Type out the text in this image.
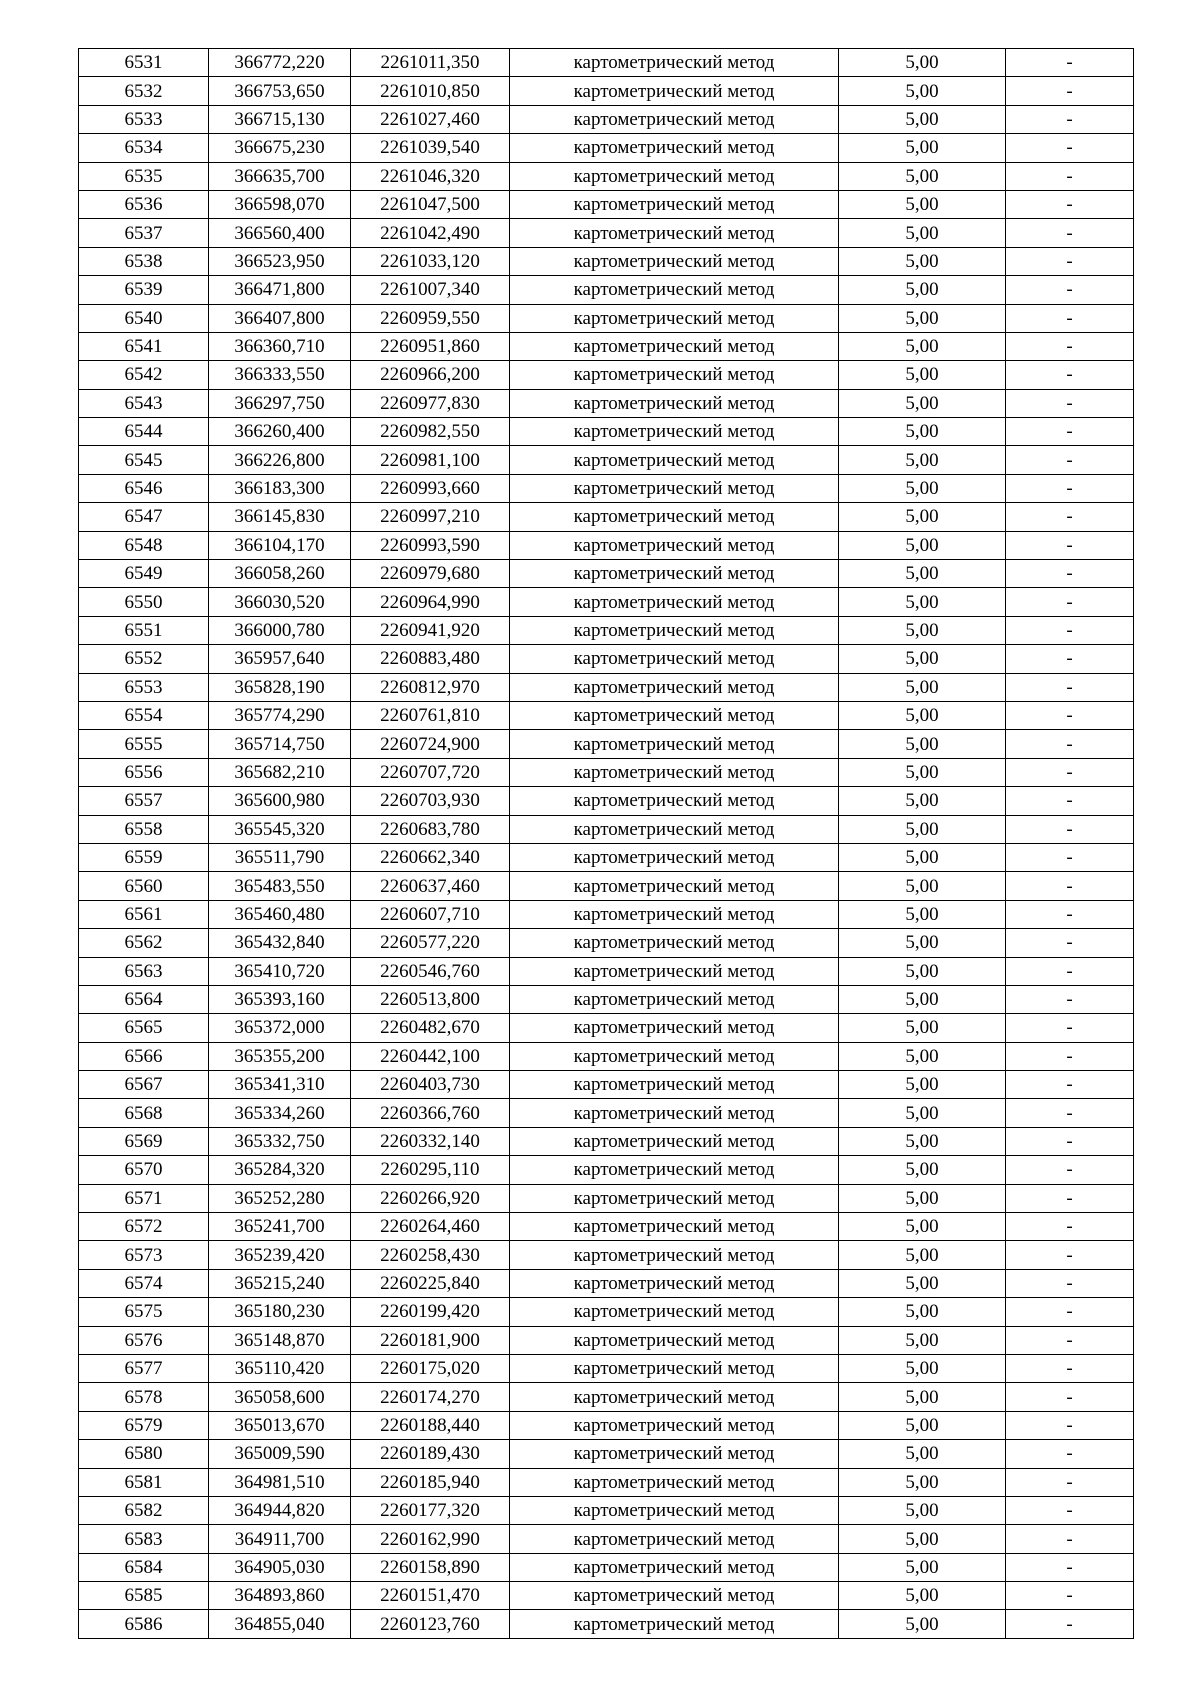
6531	366772,220	2261011,350	картометрический метод	5,00	-
6532	366753,650	2261010,850	картометрический метод	5,00	-
6533	366715,130	2261027,460	картометрический метод	5,00	-
6534	366675,230	2261039,540	картометрический метод	5,00	-
6535	366635,700	2261046,320	картометрический метод	5,00	-
6536	366598,070	2261047,500	картометрический метод	5,00	-
6537	366560,400	2261042,490	картометрический метод	5,00	-
6538	366523,950	2261033,120	картометрический метод	5,00	-
6539	366471,800	2261007,340	картометрический метод	5,00	-
6540	366407,800	2260959,550	картометрический метод	5,00	-
6541	366360,710	2260951,860	картометрический метод	5,00	-
6542	366333,550	2260966,200	картометрический метод	5,00	-
6543	366297,750	2260977,830	картометрический метод	5,00	-
6544	366260,400	2260982,550	картометрический метод	5,00	-
6545	366226,800	2260981,100	картометрический метод	5,00	-
6546	366183,300	2260993,660	картометрический метод	5,00	-
6547	366145,830	2260997,210	картометрический метод	5,00	-
6548	366104,170	2260993,590	картометрический метод	5,00	-
6549	366058,260	2260979,680	картометрический метод	5,00	-
6550	366030,520	2260964,990	картометрический метод	5,00	-
6551	366000,780	2260941,920	картометрический метод	5,00	-
6552	365957,640	2260883,480	картометрический метод	5,00	-
6553	365828,190	2260812,970	картометрический метод	5,00	-
6554	365774,290	2260761,810	картометрический метод	5,00	-
6555	365714,750	2260724,900	картометрический метод	5,00	-
6556	365682,210	2260707,720	картометрический метод	5,00	-
6557	365600,980	2260703,930	картометрический метод	5,00	-
6558	365545,320	2260683,780	картометрический метод	5,00	-
6559	365511,790	2260662,340	картометрический метод	5,00	-
6560	365483,550	2260637,460	картометрический метод	5,00	-
6561	365460,480	2260607,710	картометрический метод	5,00	-
6562	365432,840	2260577,220	картометрический метод	5,00	-
6563	365410,720	2260546,760	картометрический метод	5,00	-
6564	365393,160	2260513,800	картометрический метод	5,00	-
6565	365372,000	2260482,670	картометрический метод	5,00	-
6566	365355,200	2260442,100	картометрический метод	5,00	-
6567	365341,310	2260403,730	картометрический метод	5,00	-
6568	365334,260	2260366,760	картометрический метод	5,00	-
6569	365332,750	2260332,140	картометрический метод	5,00	-
6570	365284,320	2260295,110	картометрический метод	5,00	-
6571	365252,280	2260266,920	картометрический метод	5,00	-
6572	365241,700	2260264,460	картометрический метод	5,00	-
6573	365239,420	2260258,430	картометрический метод	5,00	-
6574	365215,240	2260225,840	картометрический метод	5,00	-
6575	365180,230	2260199,420	картометрический метод	5,00	-
6576	365148,870	2260181,900	картометрический метод	5,00	-
6577	365110,420	2260175,020	картометрический метод	5,00	-
6578	365058,600	2260174,270	картометрический метод	5,00	-
6579	365013,670	2260188,440	картометрический метод	5,00	-
6580	365009,590	2260189,430	картометрический метод	5,00	-
6581	364981,510	2260185,940	картометрический метод	5,00	-
6582	364944,820	2260177,320	картометрический метод	5,00	-
6583	364911,700	2260162,990	картометрический метод	5,00	-
6584	364905,030	2260158,890	картометрический метод	5,00	-
6585	364893,860	2260151,470	картометрический метод	5,00	-
6586	364855,040	2260123,760	картометрический метод	5,00	-
